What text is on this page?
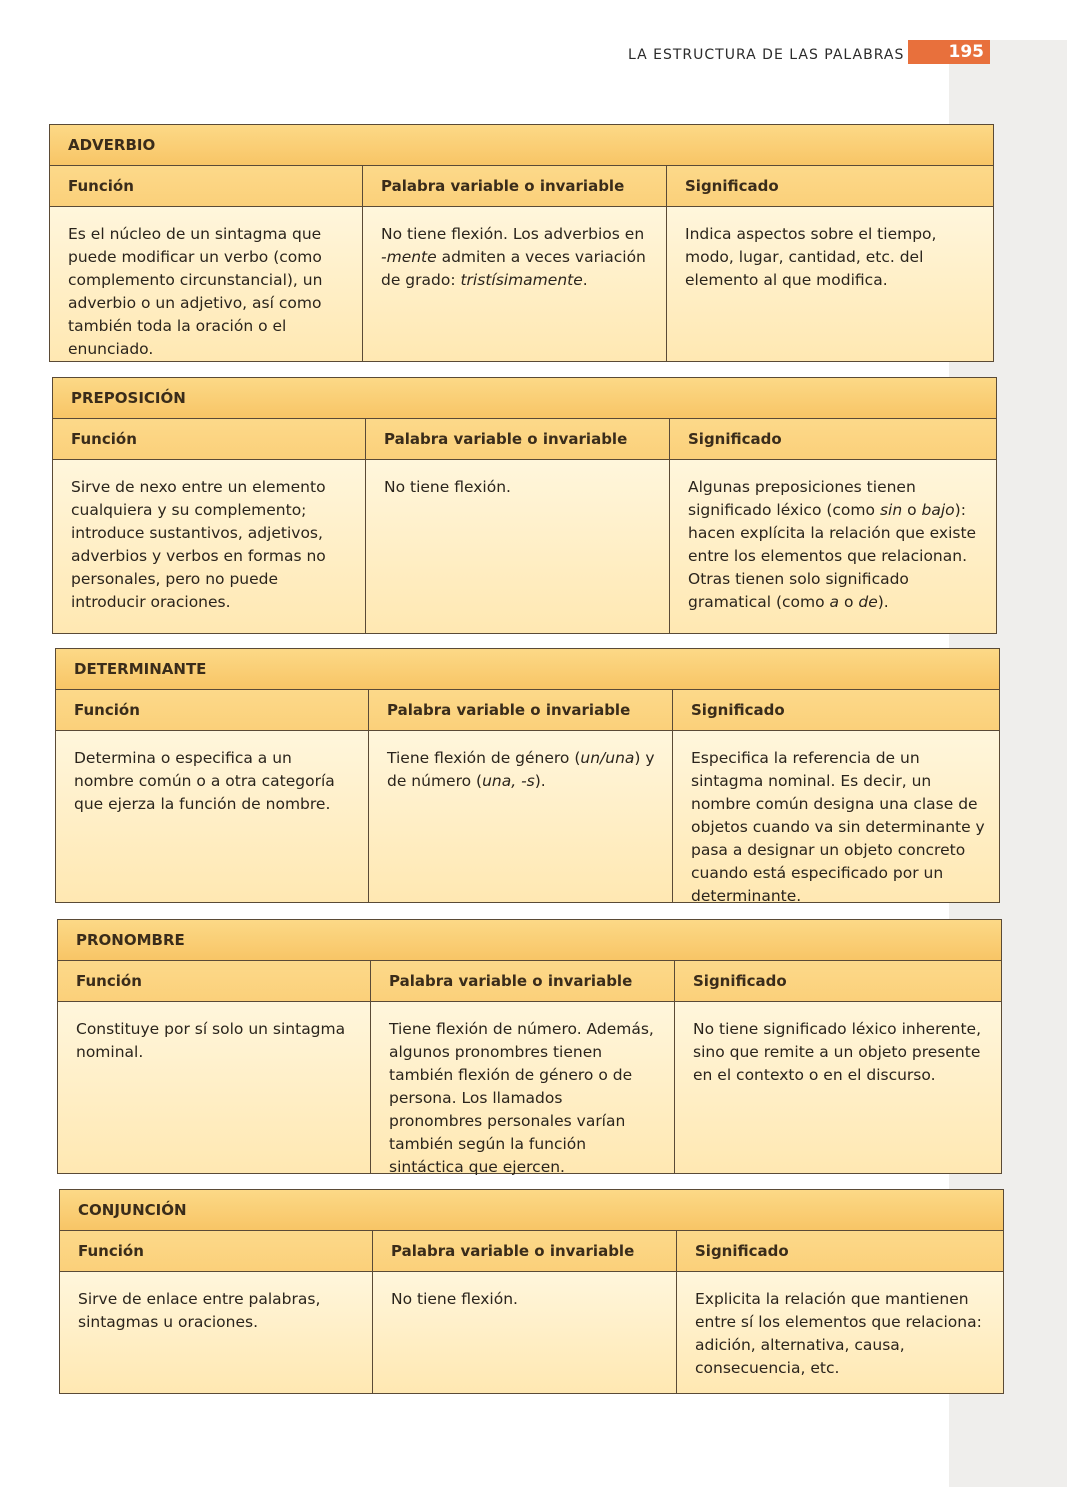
LA ESTRUCTURA DE LAS PALABRAS	195
ADVERBIO
Función
Es el núcleo de un sintagma que puede modificar un verbo (como complemento circunstancial), un adverbio o un adjetivo, así como también toda la oración o el enunciado.
Palabra variable o invariable
No tiene flexión. Los adverbios en -mente admiten a veces variación de grado: tristísimamente.
Significado
Indica aspectos sobre el tiempo, modo, lugar, cantidad, etc. del elemento al que modifica.
PREPOSICIÓN
Función
Sirve de nexo entre un elemento cualquiera y su complemento; introduce sustantivos, adjetivos, adverbios y verbos en formas no personales, pero no puede introducir oraciones.
Palabra variable o invariable
No tiene flexión.
Significado
Algunas preposiciones tienen significado léxico (como sin o bajo): hacen explícita la relación que existe entre los elementos que relacionan. Otras tienen solo significado gramatical (como a o de).
DETERMINANTE
Función
Determina o especifica a un nombre común o a otra categoría que ejerza la función de nombre.
Palabra variable o invariable
Tiene flexión de género (un/una) y de número (una, -s).
Significado
Especifica la referencia de un sintagma nominal. Es decir, un nombre común designa una clase de objetos cuando va sin determinante y pasa a designar un objeto concreto cuando está especificado por un determinante.
PRONOMBRE
Función
Constituye por sí solo un sintagma nominal.
Palabra variable o invariable
Tiene flexión de número. Además, algunos pronombres tienen también flexión de género o de persona. Los llamados pronombres personales varían también según la función sintáctica que ejercen.
Significado
No tiene significado léxico inherente, sino que remite a un objeto presente en el contexto o en el discurso.
CONJUNCIÓN
Función
Sirve de enlace entre palabras, sintagmas u oraciones.
Palabra variable o invariable
No tiene flexión.
Significado
Explicita la relación que mantienen entre sí los elementos que relaciona: adición, alternativa, causa, consecuencia, etc.
